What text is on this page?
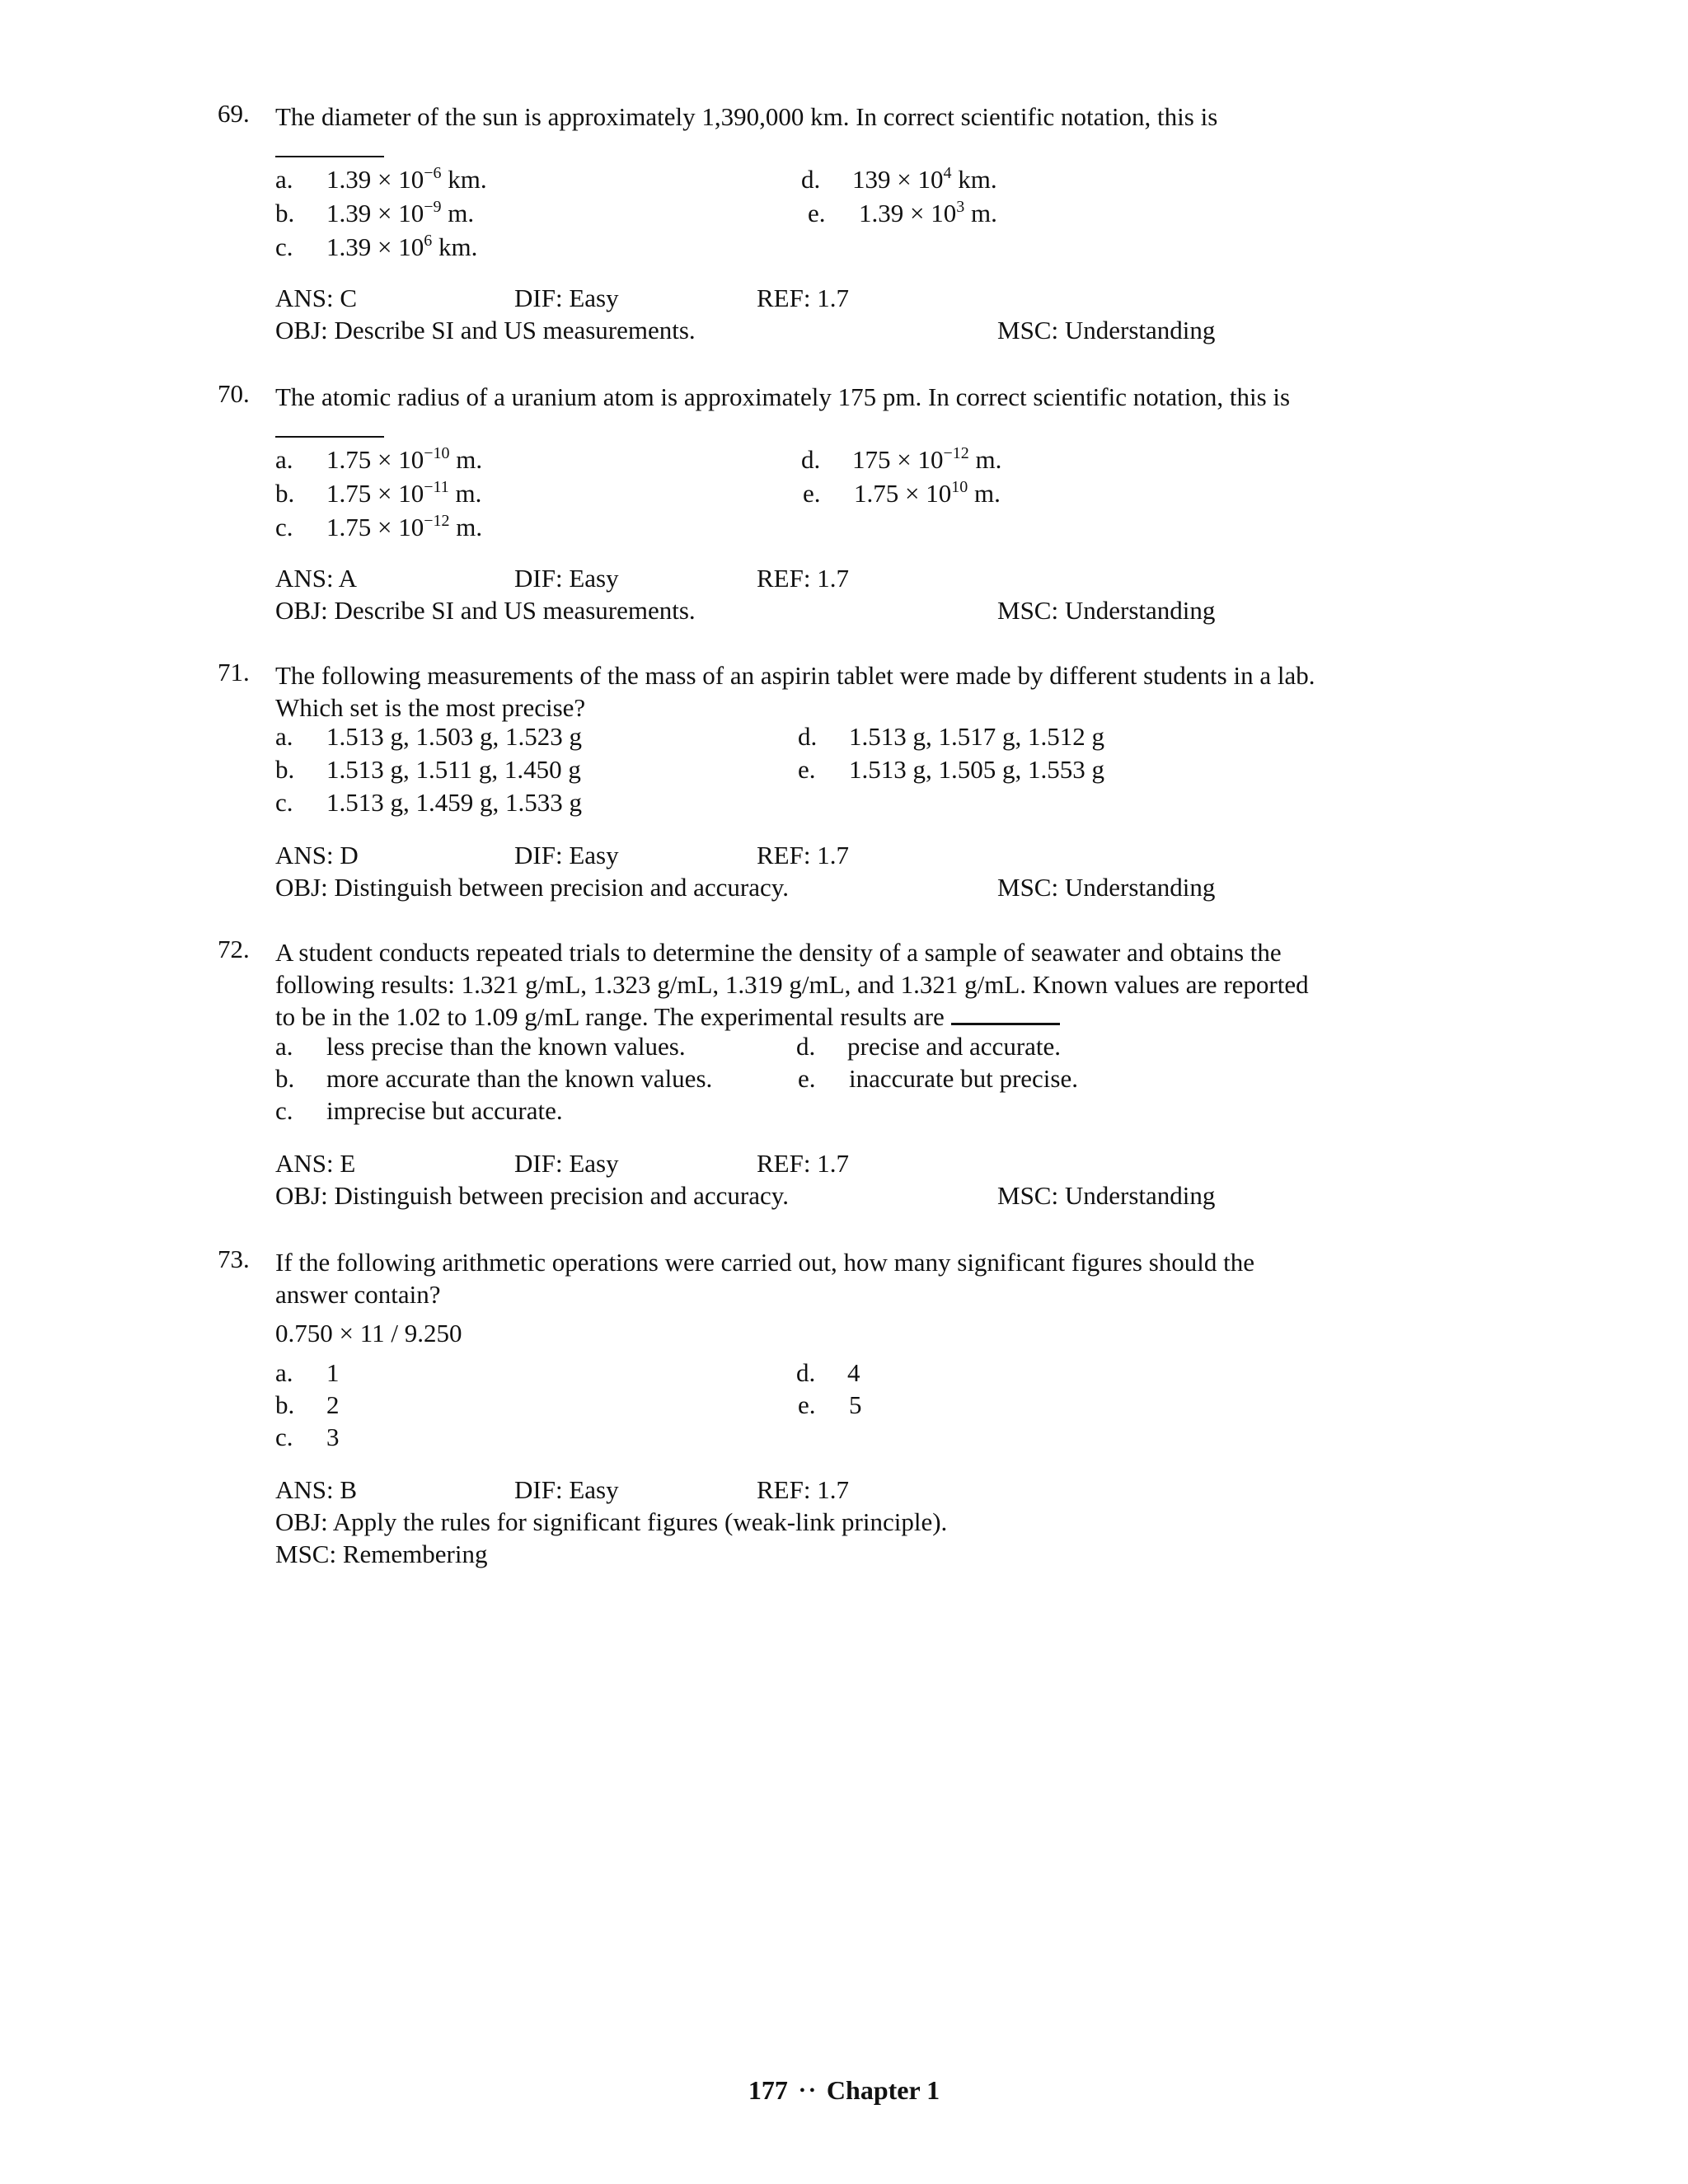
69. The diameter of the sun is approximately 1,390,000 km. In correct scientific notation, this is

a. $1.39 \times 10^{-6}$ km.
b. $1.39 \times 10^{-9}$ m.
c. $1.39 \times 10^6$ km.
d. $139 \times 10^4$ km.
e. $1.39 \times 10^3$ m.
ANS: C	DIF: Easy	REF: 1.7
OBJ: Describe SI and US measurements.	MSC: Understanding
70. The atomic radius of a uranium atom is approximately 175 pm. In correct scientific notation, this is

a. $1.75 \times 10^{-10}$ m.
b. $1.75 \times 10^{-11}$ m.
c. $1.75 \times 10^{-12}$ m.
d. $175 \times 10^{-12}$ m.
e. $1.75 \times 10^{10}$ m.
ANS: A	DIF: Easy	REF: 1.7
OBJ: Describe SI and US measurements.	MSC: Understanding
71. The following measurements of the mass of an aspirin tablet were made by different students in a lab.
Which set is the most precise?
a. 1.513 g, 1.503 g, 1.523 g
b. 1.513 g, 1.511 g, 1.450 g
c. 1.513 g, 1.459 g, 1.533 g
d. 1.513 g, 1.517 g, 1.512 g
e. 1.513 g, 1.505 g, 1.553 g
ANS: D	DIF: Easy	REF: 1.7
OBJ: Distinguish between precision and accuracy.	MSC: Understanding
72. A student conducts repeated trials to determine the density of a sample of seawater and obtains the
following results: 1.321 g/mL, 1.323 g/mL, 1.319 g/mL, and 1.321 g/mL. Known values are reported
to be in the 1.02 to 1.09 g/mL range. The experimental results are
a. less precise than the known values.
b. more accurate than the known values.
c. imprecise but accurate.
d. precise and accurate.
e. inaccurate but precise.
ANS: E	DIF: Easy	REF: 1.7
OBJ: Distinguish between precision and accuracy.	MSC: Understanding
73. If the following arithmetic operations were carried out, how many significant figures should the
answer contain?
0.750 × 11 / 9.250
a. 1
b. 2
c. 3
d. 4
e. 5
ANS: B	DIF: Easy	REF: 1.7
OBJ: Apply the rules for significant figures (weak-link principle).
MSC: Remembering
177 • • Chapter 1
